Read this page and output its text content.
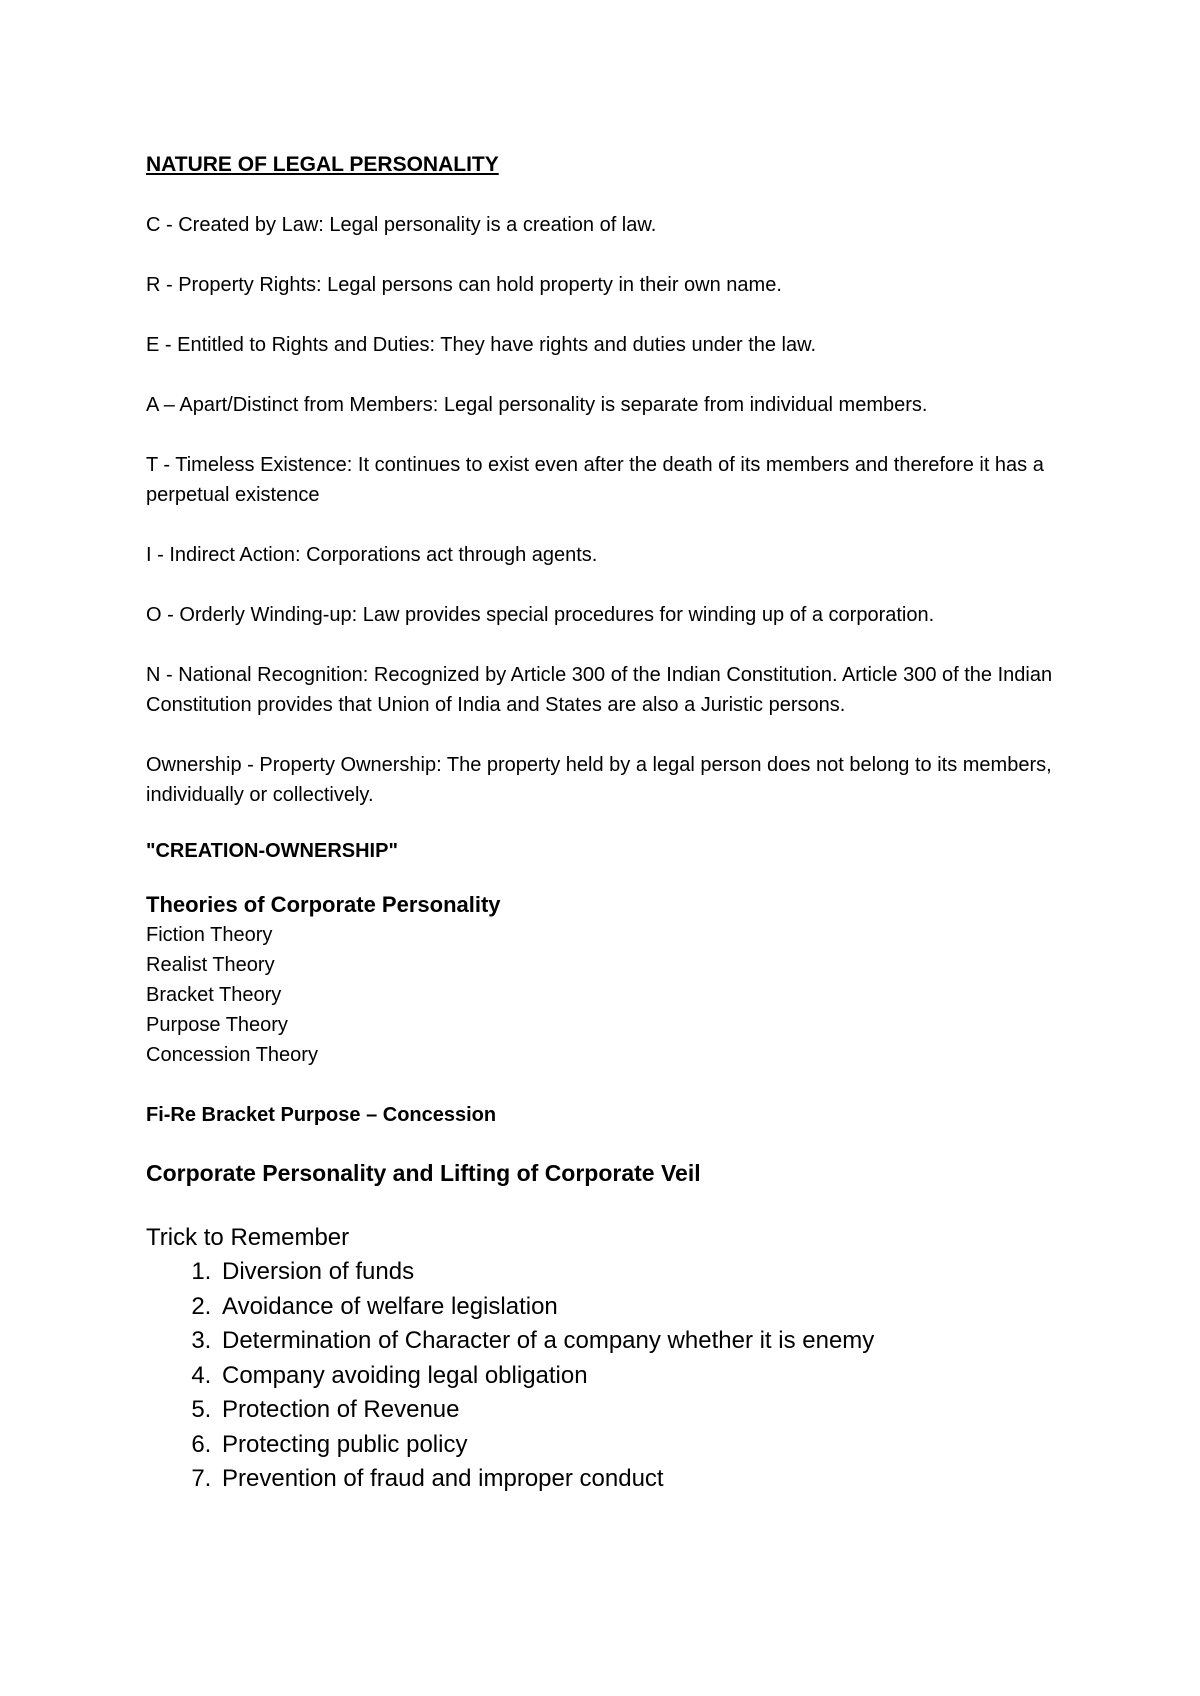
NATURE OF LEGAL PERSONALITY
C - Created by Law: Legal personality is a creation of law.
R - Property Rights: Legal persons can hold property in their own name.
E - Entitled to Rights and Duties: They have rights and duties under the law.
A – Apart/Distinct from Members: Legal personality is separate from individual members.
T - Timeless Existence: It continues to exist even after the death of its members and therefore it has a perpetual existence
I - Indirect Action: Corporations act through agents.
O - Orderly Winding-up: Law provides special procedures for winding up of a corporation.
N - National Recognition: Recognized by Article 300 of the Indian Constitution. Article 300 of the Indian Constitution provides that Union of India and States are also a Juristic persons.
Ownership - Property Ownership: The property held by a legal person does not belong to its members, individually or collectively.
"CREATION-OWNERSHIP"
Theories of Corporate Personality
Fiction Theory
Realist Theory
Bracket Theory
Purpose Theory
Concession Theory
Fi-Re Bracket Purpose – Concession
Corporate Personality and Lifting of Corporate Veil
Trick to Remember
1. Diversion of funds
2. Avoidance of welfare legislation
3. Determination of Character of a company whether it is enemy
4. Company avoiding legal obligation
5. Protection of Revenue
6. Protecting public policy
7. Prevention of fraud and improper conduct
